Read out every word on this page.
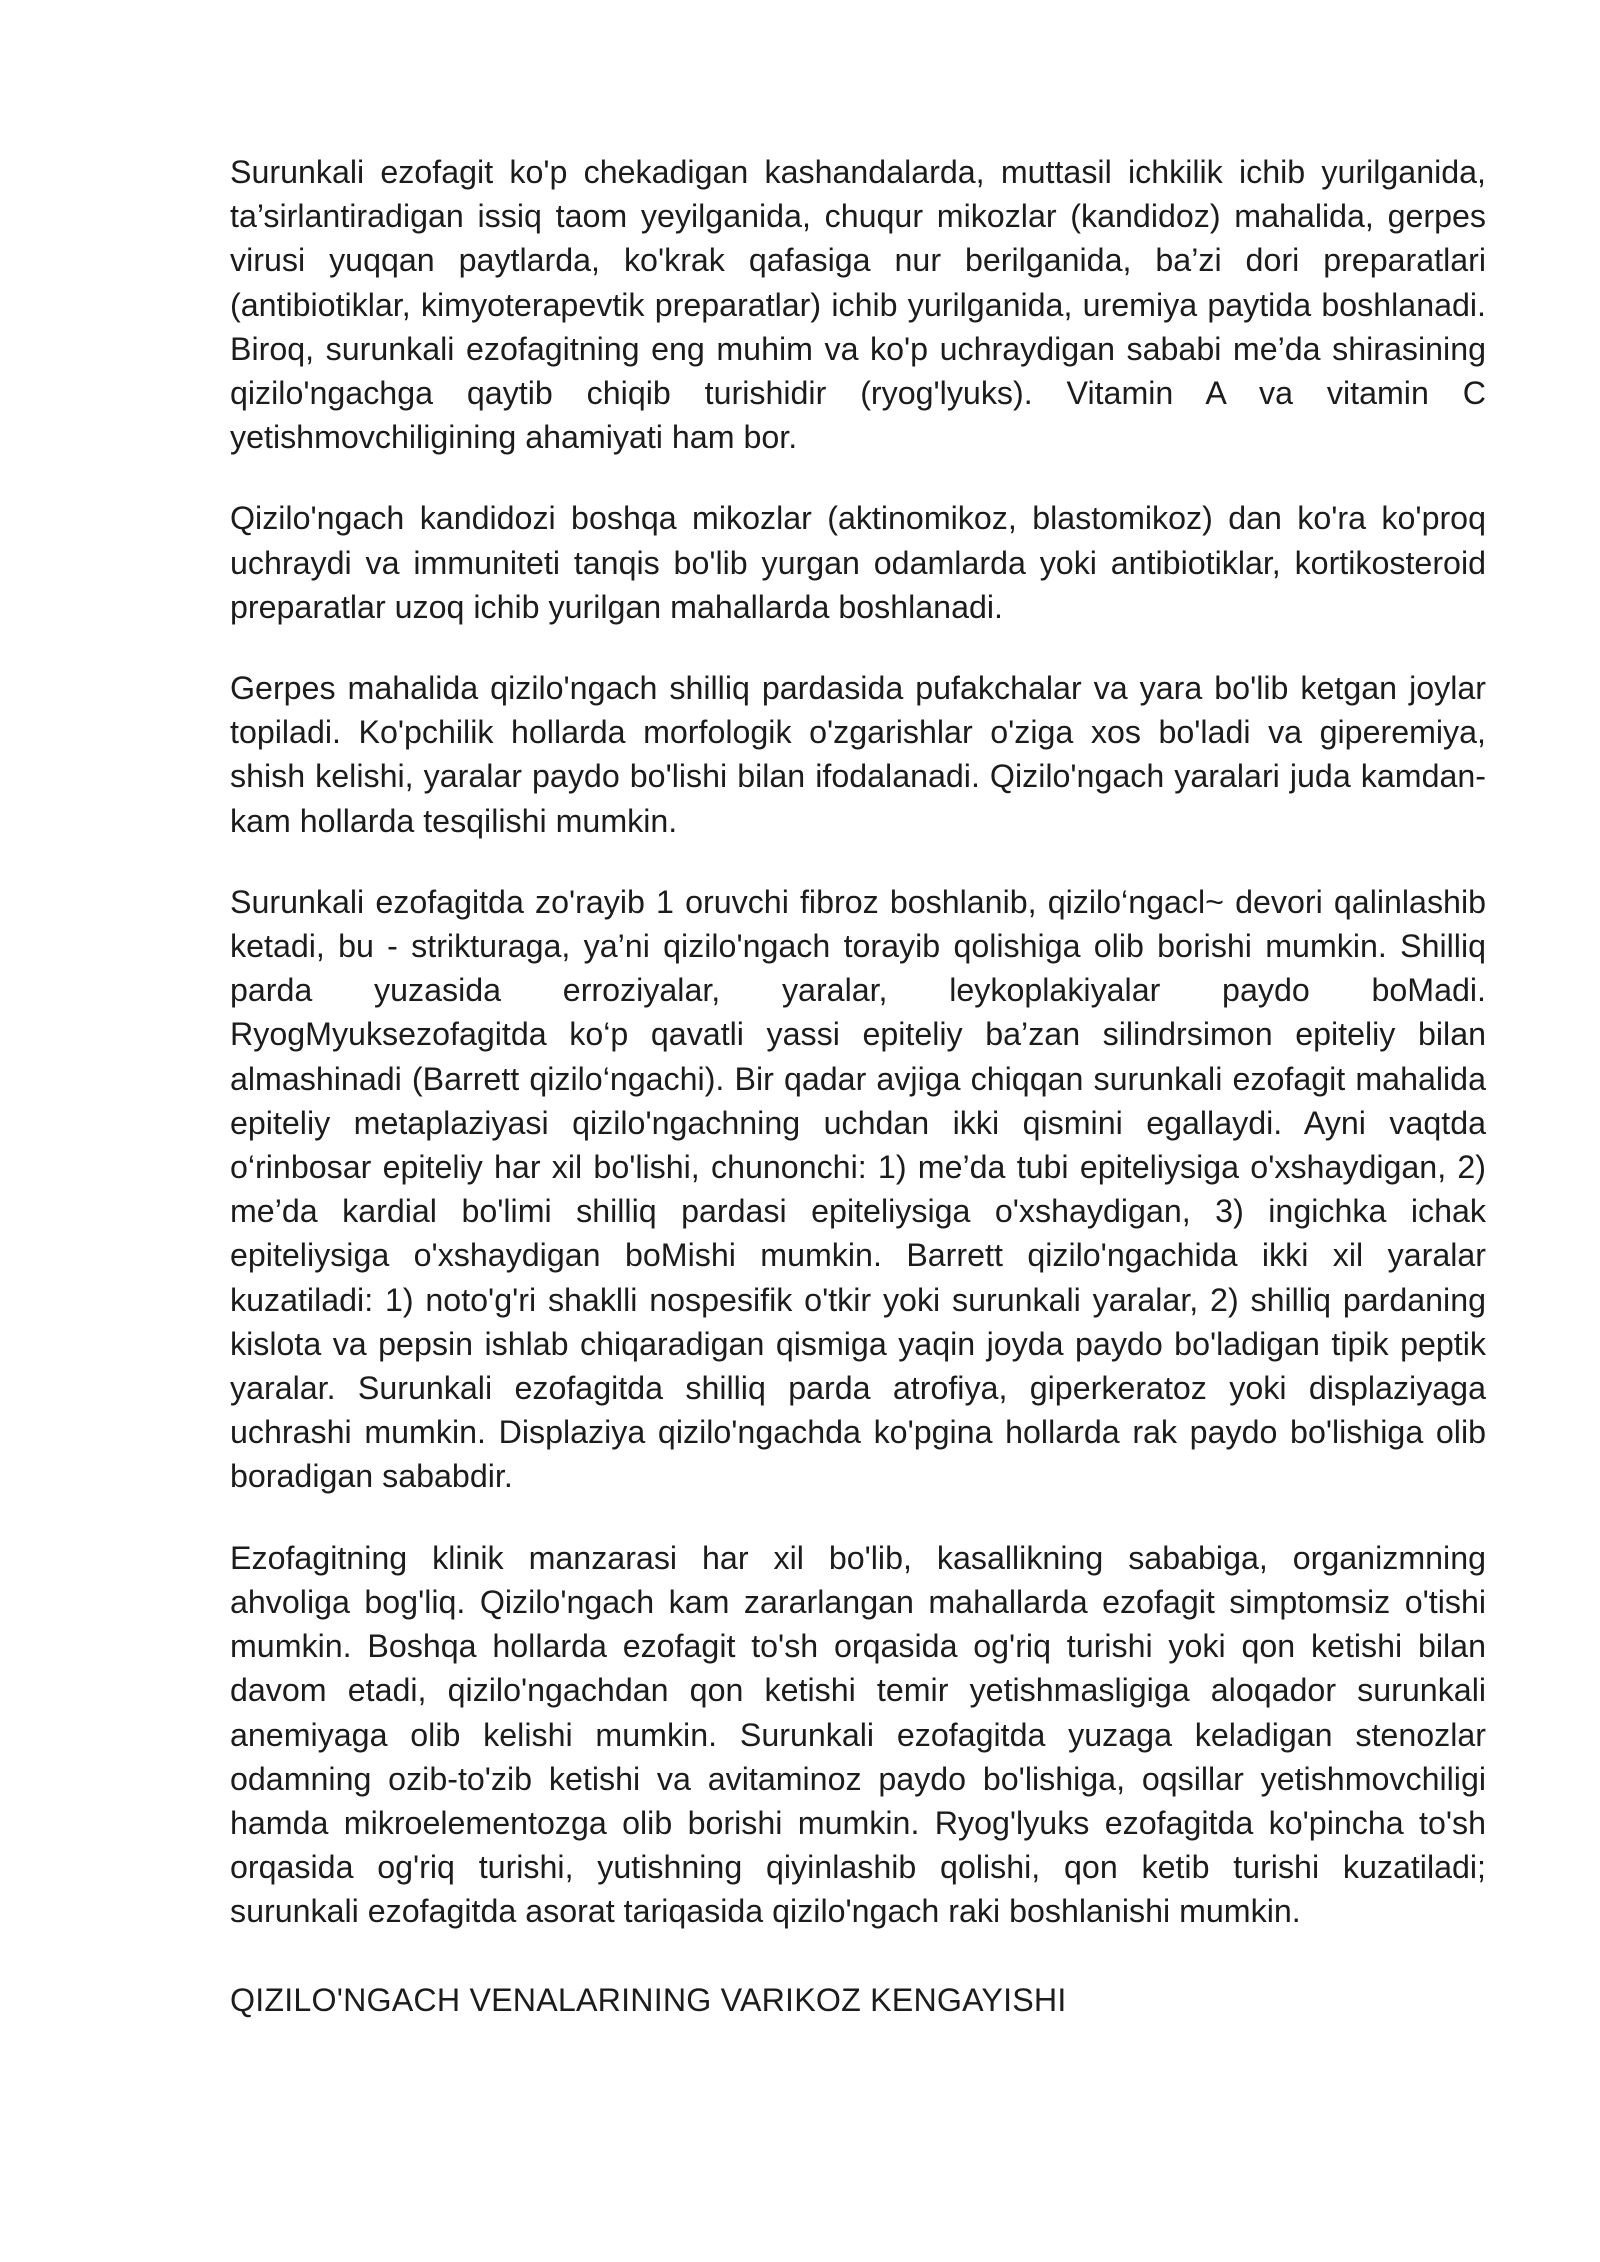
Surunkali ezofagit ko'p chekadigan kashandalarda, muttasil ichkilik ichib yurilganida, ta’sirlantiradigan issiq taom yeyilganida, chuqur mikozlar (kandidoz) mahalida, gerpes virusi yuqqan paytlarda, ko'krak qafasiga nur berilganida, ba’zi dori preparatlari (antibiotiklar, kimyoterapevtik preparatlar) ichib yurilganida, uremiya paytida boshlanadi. Biroq, surunkali ezofagitning eng muhim va ko'p uchraydigan sababi me’da shirasining qizilo'ngachga qaytib chiqib turishidir (ryog'lyuks). Vitamin A va vitamin C yetishmovchiligining ahamiyati ham bor.

Qizilo'ngach kandidozi boshqa mikozlar (aktinomikoz, blastomikoz) dan ko'ra ko'proq uchraydi va immuniteti tanqis bo'lib yurgan odamlarda yoki antibiotiklar, kortikosteroid preparatlar uzoq ichib yurilgan mahallarda boshlanadi.

Gerpes mahalida qizilo'ngach shilliq pardasida pufakchalar va yara bo'lib ketgan joylar topiladi. Ko'pchilik hollarda morfologik o'zgarishlar o'ziga xos bo'ladi va giperemiya, shish kelishi, yaralar paydo bo'lishi bilan ifodalanadi. Qizilo'ngach yaralari juda kamdan-kam hollarda tesqilishi mumkin.

Surunkali ezofagitda zo'rayib 1 oruvchi fibroz boshlanib, qizilo‘ngacl~ devori qalinlashib ketadi, bu - strikturaga, ya’ni qizilo'ngach torayib qolishiga olib borishi mumkin. Shilliq parda yuzasida erroziyalar, yaralar, leykoplakiyalar paydo boMadi. RyogMyuksezofagitda ko‘p qavatli yassi epiteliy ba’zan silindrsimon epiteliy bilan almashinadi (Barrett qizilo‘ngachi). Bir qadar avjiga chiqqan surunkali ezofagit mahalida epiteliy metaplaziyasi qizilo'ngachning uchdan ikki qismini egallaydi. Ayni vaqtda o‘rinbosar epiteliy har xil bo'lishi, chunonchi: 1) me’da tubi epiteliysiga o'xshaydigan, 2) me’da kardial bo'limi shilliq pardasi epiteliysiga o'xshaydigan, 3) ingichka ichak epiteliysiga o'xshaydigan boMishi mumkin. Barrett qizilo'ngachida ikki xil yaralar kuzatiladi: 1) noto'g'ri shaklli nospesifik o'tkir yoki surunkali yaralar, 2) shilliq pardaning kislota va pepsin ishlab chiqaradigan qismiga yaqin joyda paydo bo'ladigan tipik peptik yaralar. Surunkali ezofagitda shilliq parda atrofiya, giperkeratoz yoki displaziyaga uchrashi mumkin. Displaziya qizilo'ngachda ko'pgina hollarda rak paydo bo'lishiga olib boradigan sababdir.

Ezofagitning klinik manzarasi har xil bo'lib, kasallikning sababiga, organizmning ahvoliga bog'liq. Qizilo'ngach kam zararlangan mahallarda ezofagit simptomsiz o'tishi mumkin. Boshqa hollarda ezofagit to'sh orqasida og'riq turishi yoki qon ketishi bilan davom etadi, qizilo'ngachdan qon ketishi temir yetishmasligiga aloqador surunkali anemiyaga olib kelishi mumkin. Surunkali ezofagitda yuzaga keladigan stenozlar odamning ozib-to'zib ketishi va avitaminoz paydo bo'lishiga, oqsillar yetishmovchiligi hamda mikroelementozga olib borishi mumkin. Ryog'lyuks ezofagitda ko'pincha to'sh orqasida og'riq turishi, yutishning qiyinlashib qolishi, qon ketib turishi kuzatiladi; surunkali ezofagitda asorat tariqasida qizilo'ngach raki boshlanishi mumkin.

QIZILO'NGACH VENALARINING VARIKOZ KENGAYISHI
